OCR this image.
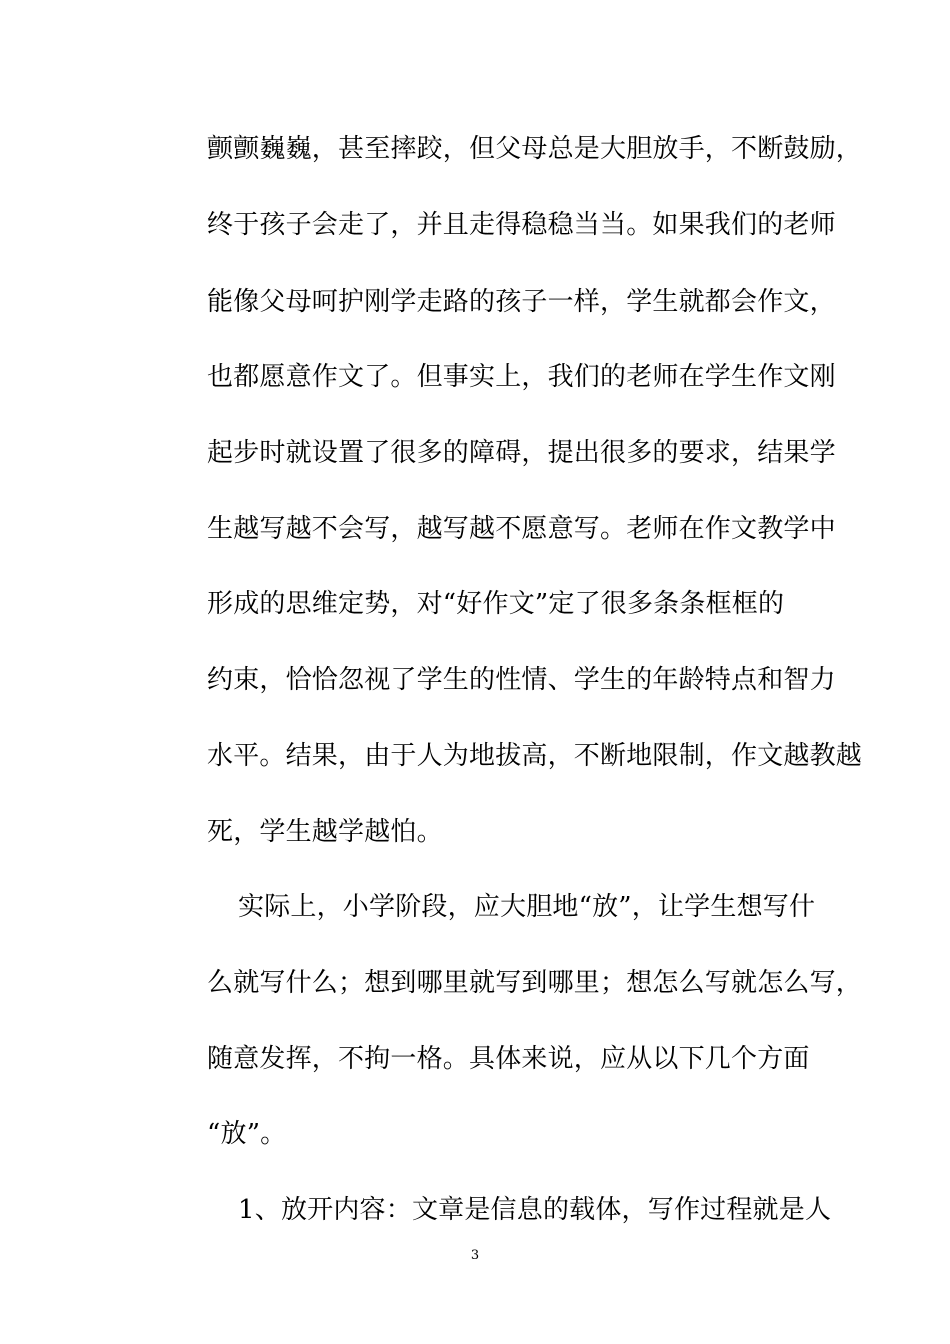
颤颤巍巍，甚至摔跤，但父母总是大胆放手，不断鼓励，
终于孩子会走了，并且走得稳稳当当。如果我们的老师
能像父母呵护刚学走路的孩子一样，学生就都会作文，
也都愿意作文了。但事实上，我们的老师在学生作文刚
起步时就设置了很多的障碍，提出很多的要求，结果学
生越写越不会写，越写越不愿意写。老师在作文教学中
形成的思维定势，对“好作文”定了很多条条框框的
约束，恰恰忽视了学生的性情、学生的年龄特点和智力
水平。结果，由于人为地拔高，不断地限制，作文越教越
死，学生越学越怕。
实际上，小学阶段，应大胆地“放”，让学生想写什
么就写什么；想到哪里就写到哪里；想怎么写就怎么写，
随意发挥，不拘一格。具体来说，应从以下几个方面
“放”。
1、放开内容：文章是信息的载体，写作过程就是人
3
